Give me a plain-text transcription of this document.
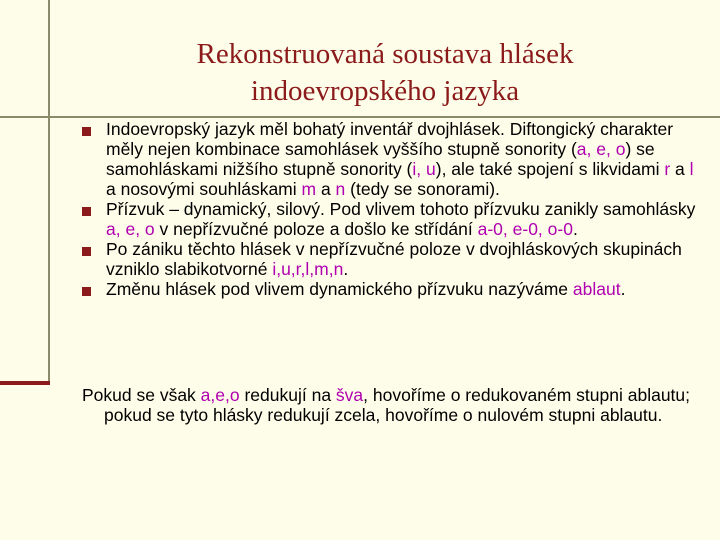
Rekonstruovaná soustava hlásek
indoevropského jazyka
Indoevropský jazyk měl bohatý inventář dvojhlásek. Diftongický charakter měly nejen kombinace samohlásek vyššího stupně sonority (a, e, o) se samohláskami nižšího stupně sonority (i, u), ale také spojení s likvidami r a l a nosovými souhláskami m a n (tedy se sonorami).
Přízvuk – dynamický, silový. Pod vlivem tohoto přízvuku zanikly samohlásky a, e, o v nepřízvučné poloze a došlo ke střídání a-0, e-0, o-0.
Po zániku těchto hlásek v nepřízvučné poloze v dvojhláskových skupinách vzniklo slabikotvorné i,u,r,l,m,n.
Změnu hlásek pod vlivem dynamického přízvuku nazýváme ablaut.
Pokud se však a,e,o redukují na šva, hovoříme o redukovaném stupni ablautu; pokud se tyto hlásky redukují zcela, hovoříme o nulovém stupni ablautu.
